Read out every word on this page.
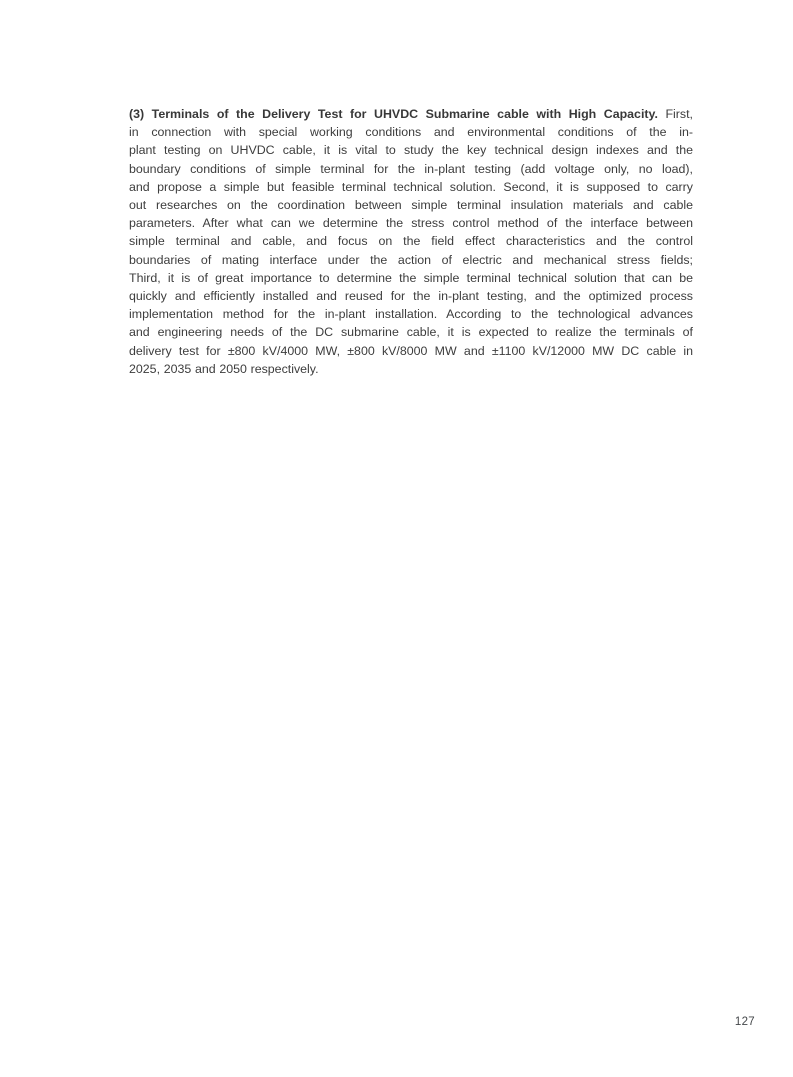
(3) Terminals of the Delivery Test for UHVDC Submarine cable with High Capacity. First,
in connection with special working conditions and environmental conditions of the in-
plant testing on UHVDC cable, it is vital to study the key technical design indexes and the
boundary conditions of simple terminal for the in-plant testing (add voltage only, no load),
and propose a simple but feasible terminal technical solution. Second, it is supposed to carry
out researches on the coordination between simple terminal insulation materials and cable
parameters. After what can we determine the stress control method of the interface between
simple terminal and cable, and focus on the field effect characteristics and the control
boundaries of mating interface under the action of electric and mechanical stress fields;
Third, it is of great importance to determine the simple terminal technical solution that can be
quickly and efficiently installed and reused for the in-plant testing, and the optimized process
implementation method for the in-plant installation. According to the technological advances
and engineering needs of the DC submarine cable, it is expected to realize the terminals of
delivery test for ±800 kV/4000 MW, ±800 kV/8000 MW and ±1100 kV/12000 MW DC cable in
2025, 2035 and 2050 respectively.
127
